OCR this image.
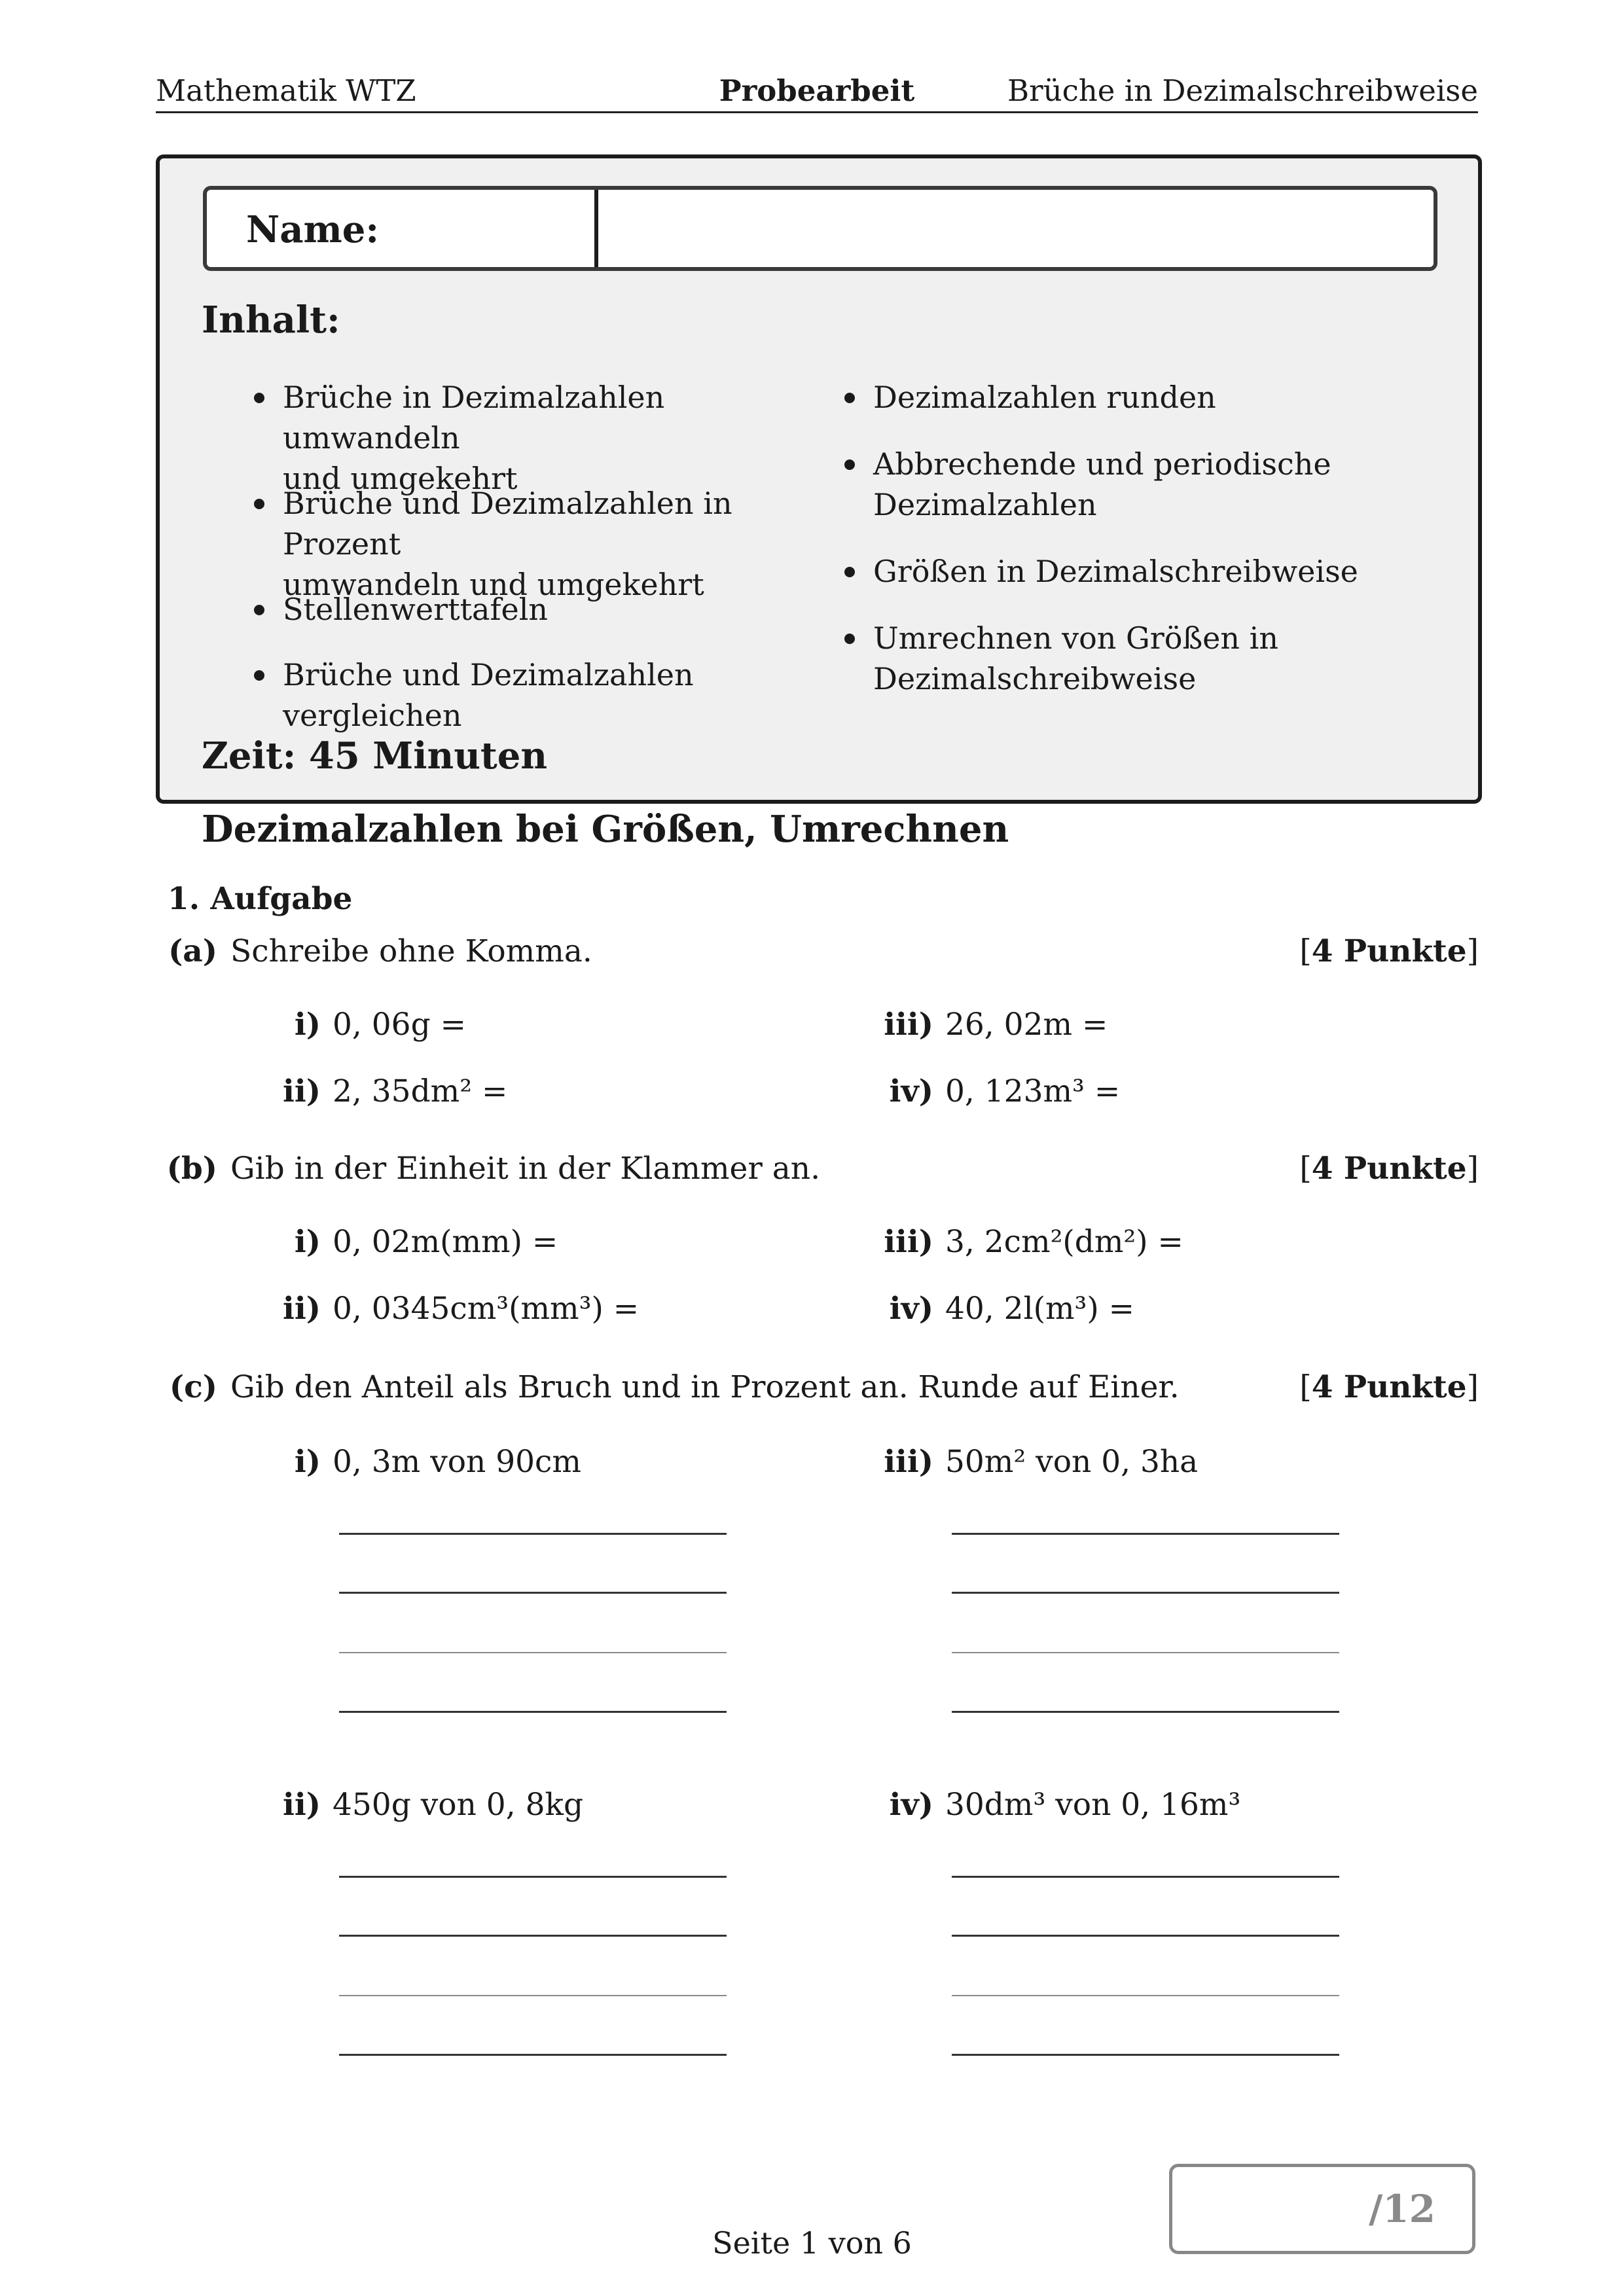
Mathematik WTZ	Probearbeit	Brüche in Dezimalschreibweise
Name:
Inhalt:
Brüche in Dezimalzahlen umwandeln
und umgekehrt
Brüche und Dezimalzahlen in Prozent
umwandeln und umgekehrt
Stellenwerttafeln
Brüche und Dezimalzahlen vergleichen
Dezimalzahlen runden
Abbrechende und periodische
Dezimalzahlen
Größen in Dezimalschreibweise
Umrechnen von Größen in
Dezimalschreibweise
Zeit: 45 Minuten
Dezimalzahlen bei Größen, Umrechnen
1. Aufgabe
(a) Schreibe ohne Komma.	[4 Punkte]
i) 0, 06g =	iii) 26, 02m =
ii) 2, 35dm² =	iv) 0, 123m³ =
(b) Gib in der Einheit in der Klammer an.	[4 Punkte]
i) 0, 02m(mm) =	iii) 3, 2cm²(dm²) =
ii) 0, 0345cm³(mm³) =	iv) 40, 2l(m³) =
(c) Gib den Anteil als Bruch und in Prozent an. Runde auf Einer.	[4 Punkte]
i) 0, 3m von 90cm	iii) 50m² von 0, 3ha
ii) 450g von 0, 8kg	iv) 30dm³ von 0, 16m³
/12
Seite 1 von 6
